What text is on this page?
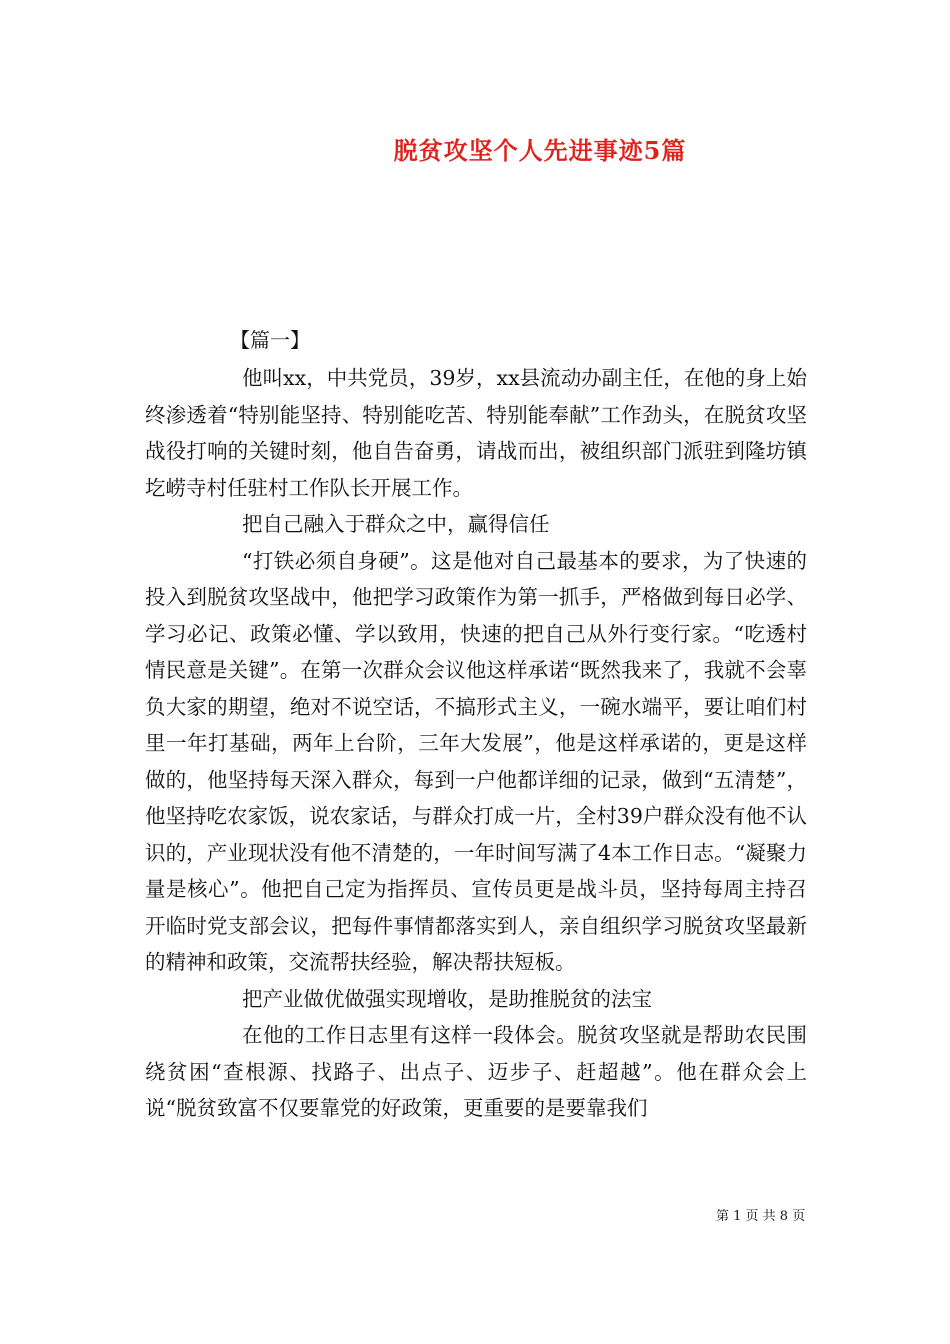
脱贫攻坚个人先进事迹5篇
【篇一】

他叫xx，中共党员，39岁，xx县流动办副主任，在他的身上始终渗透着“特别能坚持、特别能吃苦、特别能奉献”工作劲头，在脱贫攻坚战役打响的关键时刻，他自告奋勇，请战而出，被组织部门派驻到隆坊镇圪崂寺村任驻村工作队长开展工作。

把自己融入于群众之中，赢得信任

“打铁必须自身硬”。这是他对自己最基本的要求，为了快速的投入到脱贫攻坚战中，他把学习政策作为第一抓手，严格做到每日必学、学习必记、政策必懂、学以致用，快速的把自己从外行变行家。“吃透村情民意是关键”。在第一次群众会议他这样承诺“既然我来了，我就不会辜负大家的期望，绝对不说空话，不搞形式主义，一碗水端平，要让咱们村里一年打基础，两年上台阶，三年大发展”，他是这样承诺的，更是这样做的，他坚持每天深入群众，每到一户他都详细的记录，做到“五清楚”，他坚持吃农家饭，说农家话，与群众打成一片，全村39户群众没有他不认识的，产业现状没有他不清楚的，一年时间写满了4本工作日志。“凝聚力量是核心”。他把自己定为指挥员、宣传员更是战斗员，坚持每周主持召开临时党支部会议，把每件事情都落实到人，亲自组织学习脱贫攻坚最新的精神和政策，交流帮扶经验，解决帮扶短板。

把产业做优做强实现增收，是助推脱贫的法宝

在他的工作日志里有这样一段体会。脱贫攻坚就是帮助农民围绕贫困“查根源、找路子、出点子、迈步子、赶超越”。他在群众会上说“脱贫致富不仅要靠党的好政策，更重要的是要靠我们

第 1 页 共 8 页
